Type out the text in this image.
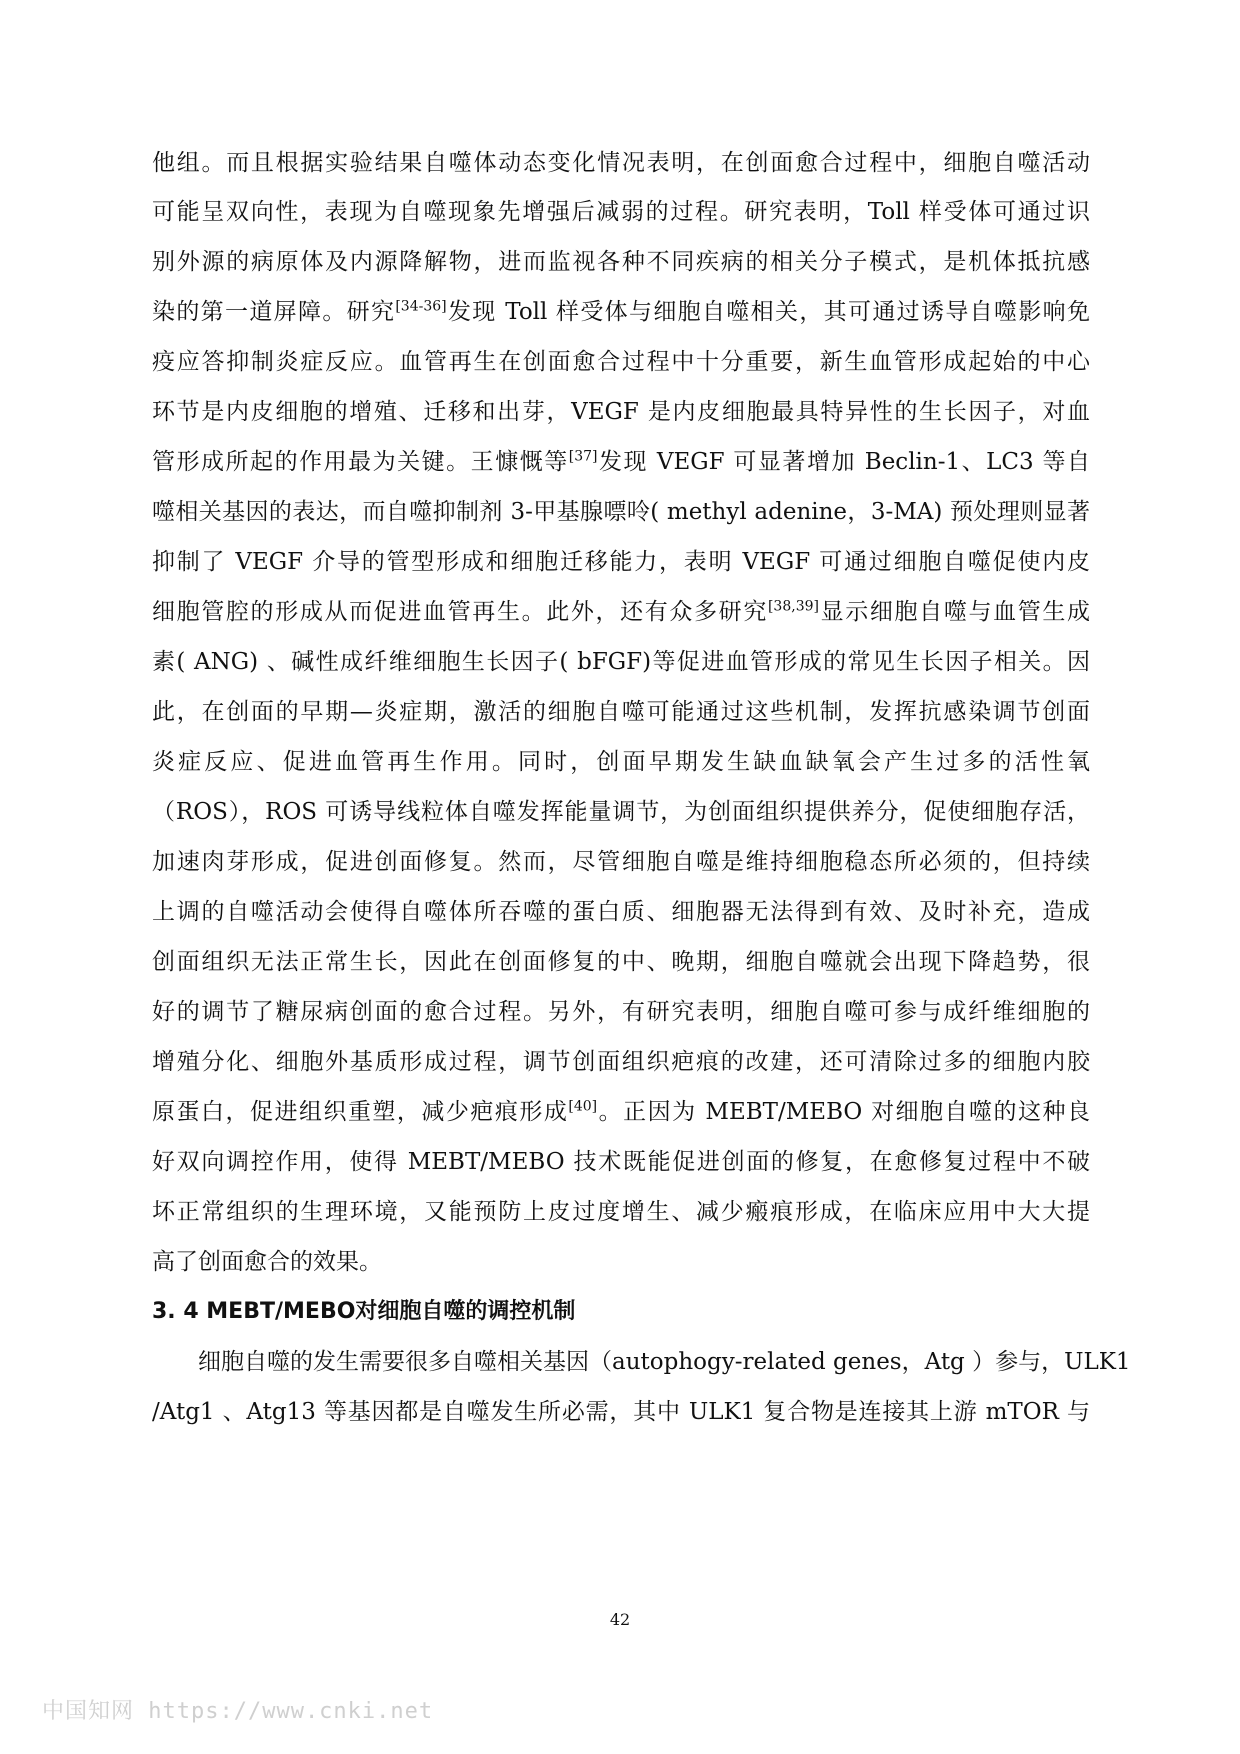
他组。而且根据实验结果自噬体动态变化情况表明，在创面愈合过程中，细胞自噬活动
可能呈双向性，表现为自噬现象先增强后减弱的过程。研究表明，Toll 样受体可通过识
别外源的病原体及内源降解物，进而监视各种不同疾病的相关分子模式，是机体抵抗感
染的第一道屏障。研究[34-36]发现 Toll 样受体与细胞自噬相关，其可通过诱导自噬影响免
疫应答抑制炎症反应。血管再生在创面愈合过程中十分重要，新生血管形成起始的中心
环节是内皮细胞的增殖、迁移和出芽，VEGF 是内皮细胞最具特异性的生长因子，对血
管形成所起的作用最为关键。王慷慨等[37]发现 VEGF 可显著增加 Beclin-1、LC3 等自
噬相关基因的表达，而自噬抑制剂 3-甲基腺嘌呤( methyl adenine，3-MA) 预处理则显著
抑制了 VEGF 介导的管型形成和细胞迁移能力，表明 VEGF 可通过细胞自噬促使内皮
细胞管腔的形成从而促进血管再生。此外，还有众多研究[38,39]显示细胞自噬与血管生成
素( ANG) 、碱性成纤维细胞生长因子( bFGF)等促进血管形成的常见生长因子相关。因
此，在创面的早期—炎症期，激活的细胞自噬可能通过这些机制，发挥抗感染调节创面
炎症反应、促进血管再生作用。同时，创面早期发生缺血缺氧会产生过多的活性氧
（ROS），ROS 可诱导线粒体自噬发挥能量调节，为创面组织提供养分，促使细胞存活，
加速肉芽形成，促进创面修复。然而，尽管细胞自噬是维持细胞稳态所必须的，但持续
上调的自噬活动会使得自噬体所吞噬的蛋白质、细胞器无法得到有效、及时补充，造成
创面组织无法正常生长，因此在创面修复的中、晚期，细胞自噬就会出现下降趋势，很
好的调节了糖尿病创面的愈合过程。另外，有研究表明，细胞自噬可参与成纤维细胞的
增殖分化、细胞外基质形成过程，调节创面组织疤痕的改建，还可清除过多的细胞内胶
原蛋白，促进组织重塑，减少疤痕形成[40]。正因为 MEBT/MEBO 对细胞自噬的这种良
好双向调控作用，使得 MEBT/MEBO 技术既能促进创面的修复，在愈修复过程中不破
坏正常组织的生理环境，又能预防上皮过度增生、减少瘢痕形成，在临床应用中大大提
高了创面愈合的效果。
3. 4 MEBT/MEBO对细胞自噬的调控机制
　　细胞自噬的发生需要很多自噬相关基因（autophogy-related genes，Atg ）参与，ULK1
/Atg1 、Atg13 等基因都是自噬发生所必需，其中 ULK1 复合物是连接其上游 mTOR 与
42
中国知网 https://www.cnki.net
